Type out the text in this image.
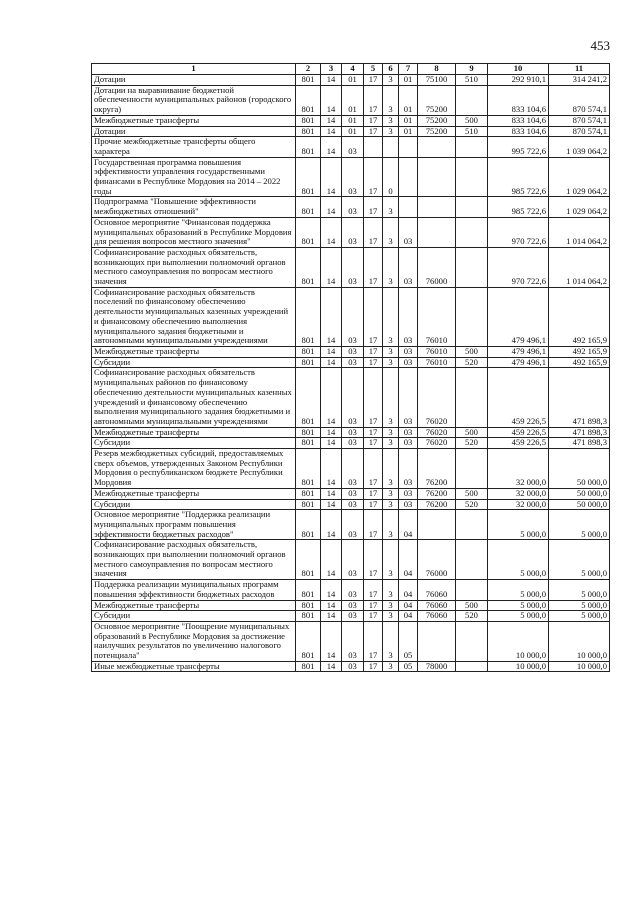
453
1	2	3	4	5	6	7	8	9	10	11
Дотации	801	14	01	17	3	01	75100	510	292 910,1	314 241,2
Дотации на выравнивание бюджетной обеспеченности муниципальных районов (городского округа)	801	14	01	17	3	01	75200		833 104,6	870 574,1
Межбюджетные трансферты	801	14	01	17	3	01	75200	500	833 104,6	870 574,1
Дотации	801	14	01	17	3	01	75200	510	833 104,6	870 574,1
Прочие межбюджетные трансферты общего характера	801	14	03						995 722,6	1 039 064,2
Государственная программа повышения эффективности управления государственными финансами в Республике Мордовия на 2014 – 2022 годы	801	14	03	17	0				985 722,6	1 029 064,2
Подпрограмма "Повышение эффективности межбюджетных отношений"	801	14	03	17	3				985 722,6	1 029 064,2
Основное мероприятие "Финансовая поддержка муниципальных образований в Республике Мордовия для решения вопросов местного значения"	801	14	03	17	3	03			970 722,6	1 014 064,2
Софинансирование расходных обязательств, возникающих при выполнении полномочий органов местного самоуправления по вопросам местного значения	801	14	03	17	3	03	76000		970 722,6	1 014 064,2
Софинансирование расходных обязательств поселений по финансовому обеспечению деятельности муниципальных казенных учреждений и финансовому обеспечению выполнения муниципального задания бюджетными и автономными муниципальными учреждениями	801	14	03	17	3	03	76010		479 496,1	492 165,9
Межбюджетные трансферты	801	14	03	17	3	03	76010	500	479 496,1	492 165,9
Субсидии	801	14	03	17	3	03	76010	520	479 496,1	492 165,9
Софинансирование расходных обязательств муниципальных районов по финансовому обеспечению деятельности муниципальных казенных учреждений и финансовому обеспечению выполнения муниципального задания бюджетными и автономными муниципальными учреждениями	801	14	03	17	3	03	76020		459 226,5	471 898,3
Межбюджетные трансферты	801	14	03	17	3	03	76020	500	459 226,5	471 898,3
Субсидии	801	14	03	17	3	03	76020	520	459 226,5	471 898,3
Резерв межбюджетных субсидий, предоставляемых сверх объемов, утвержденных Законом Республики Мордовия о республиканском бюджете Республики Мордовия	801	14	03	17	3	03	76200		32 000,0	50 000,0
Межбюджетные трансферты	801	14	03	17	3	03	76200	500	32 000,0	50 000,0
Субсидии	801	14	03	17	3	03	76200	520	32 000,0	50 000,0
Основное мероприятие "Поддержка реализации муниципальных программ повышения эффективности бюджетных расходов"	801	14	03	17	3	04			5 000,0	5 000,0
Софинансирование расходных обязательств, возникающих при выполнении полномочий органов местного самоуправления по вопросам местного значения	801	14	03	17	3	04	76000		5 000,0	5 000,0
Поддержка реализации муниципальных программ повышения эффективности бюджетных расходов	801	14	03	17	3	04	76060		5 000,0	5 000,0
Межбюджетные трансферты	801	14	03	17	3	04	76060	500	5 000,0	5 000,0
Субсидии	801	14	03	17	3	04	76060	520	5 000,0	5 000,0
Основное мероприятие "Поощрение муниципальных образований в Республике Мордовия за достижение наилучших результатов по увеличению налогового потенциала"	801	14	03	17	3	05			10 000,0	10 000,0
Иные межбюджетные трансферты	801	14	03	17	3	05	78000		10 000,0	10 000,0
